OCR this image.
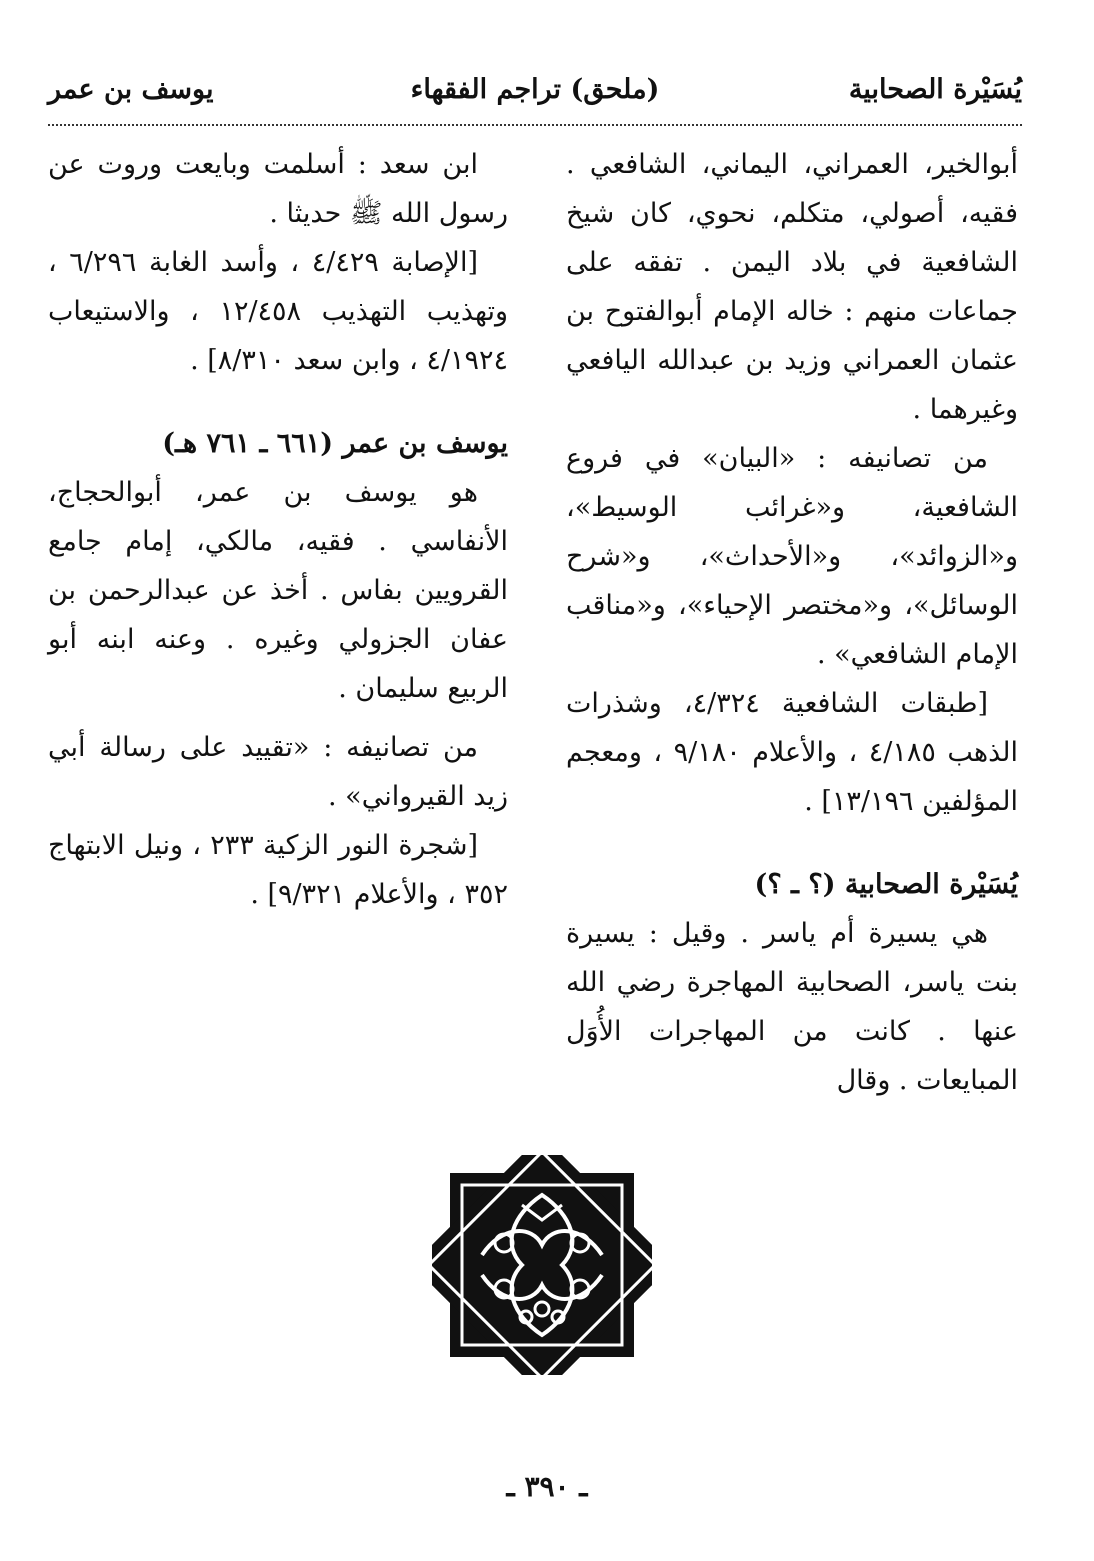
يُسَيْرة الصحابية
(ملحق) تراجم الفقهاء
يوسف بن عمر

أبوالخير، العمراني، اليماني، الشافعي . فقيه، أصولي، متكلم، نحوي، كان شيخ الشافعية في بلاد اليمن . تفقه على جماعات منهم : خاله الإمام أبوالفتوح بن عثمان العمراني وزيد بن عبدالله اليافعي وغيرهما .

من تصانيفه : «البيان» في فروع الشافعية، و«غرائب الوسيط»، و«الزوائد»، و«الأحداث»، و«شرح الوسائل»، و«مختصر الإحياء»، و«مناقب الإمام الشافعي» .

[طبقات الشافعية ٤/٣٢٤، وشذرات الذهب ٤/١٨٥ ، والأعلام ٩/١٨٠ ، ومعجم المؤلفين ١٣/١٩٦] .

يُسَيْرة الصحابية (؟ ـ ؟)

هي يسيرة أم ياسر . وقيل : يسيرة بنت ياسر، الصحابية المهاجرة رضي الله عنها . كانت من المهاجرات الأُوَل المبايعات . وقال

ابن سعد : أسلمت وبايعت وروت عن رسول الله ﷺ حديثا .

[الإصابة ٤/٤٢٩ ، وأسد الغابة ٦/٢٩٦ ، وتهذيب التهذيب ١٢/٤٥٨ ، والاستيعاب ٤/١٩٢٤ ، وابن سعد ٨/٣١٠] .

يوسف بن عمر (٦٦١ ـ ٧٦١ هـ)

هو يوسف بن عمر، أبوالحجاج، الأنفاسي . فقيه، مالكي، إمام جامع القرويين بفاس . أخذ عن عبدالرحمن بن عفان الجزولي وغيره . وعنه ابنه أبو الربيع سليمان .

من تصانيفه : «تقييد على رسالة أبي زيد القيرواني» .

[شجرة النور الزكية ٢٣٣ ، ونيل الابتهاج ٣٥٢ ، والأعلام ٩/٣٢١] .

ـ ٣٩٠ ـ
